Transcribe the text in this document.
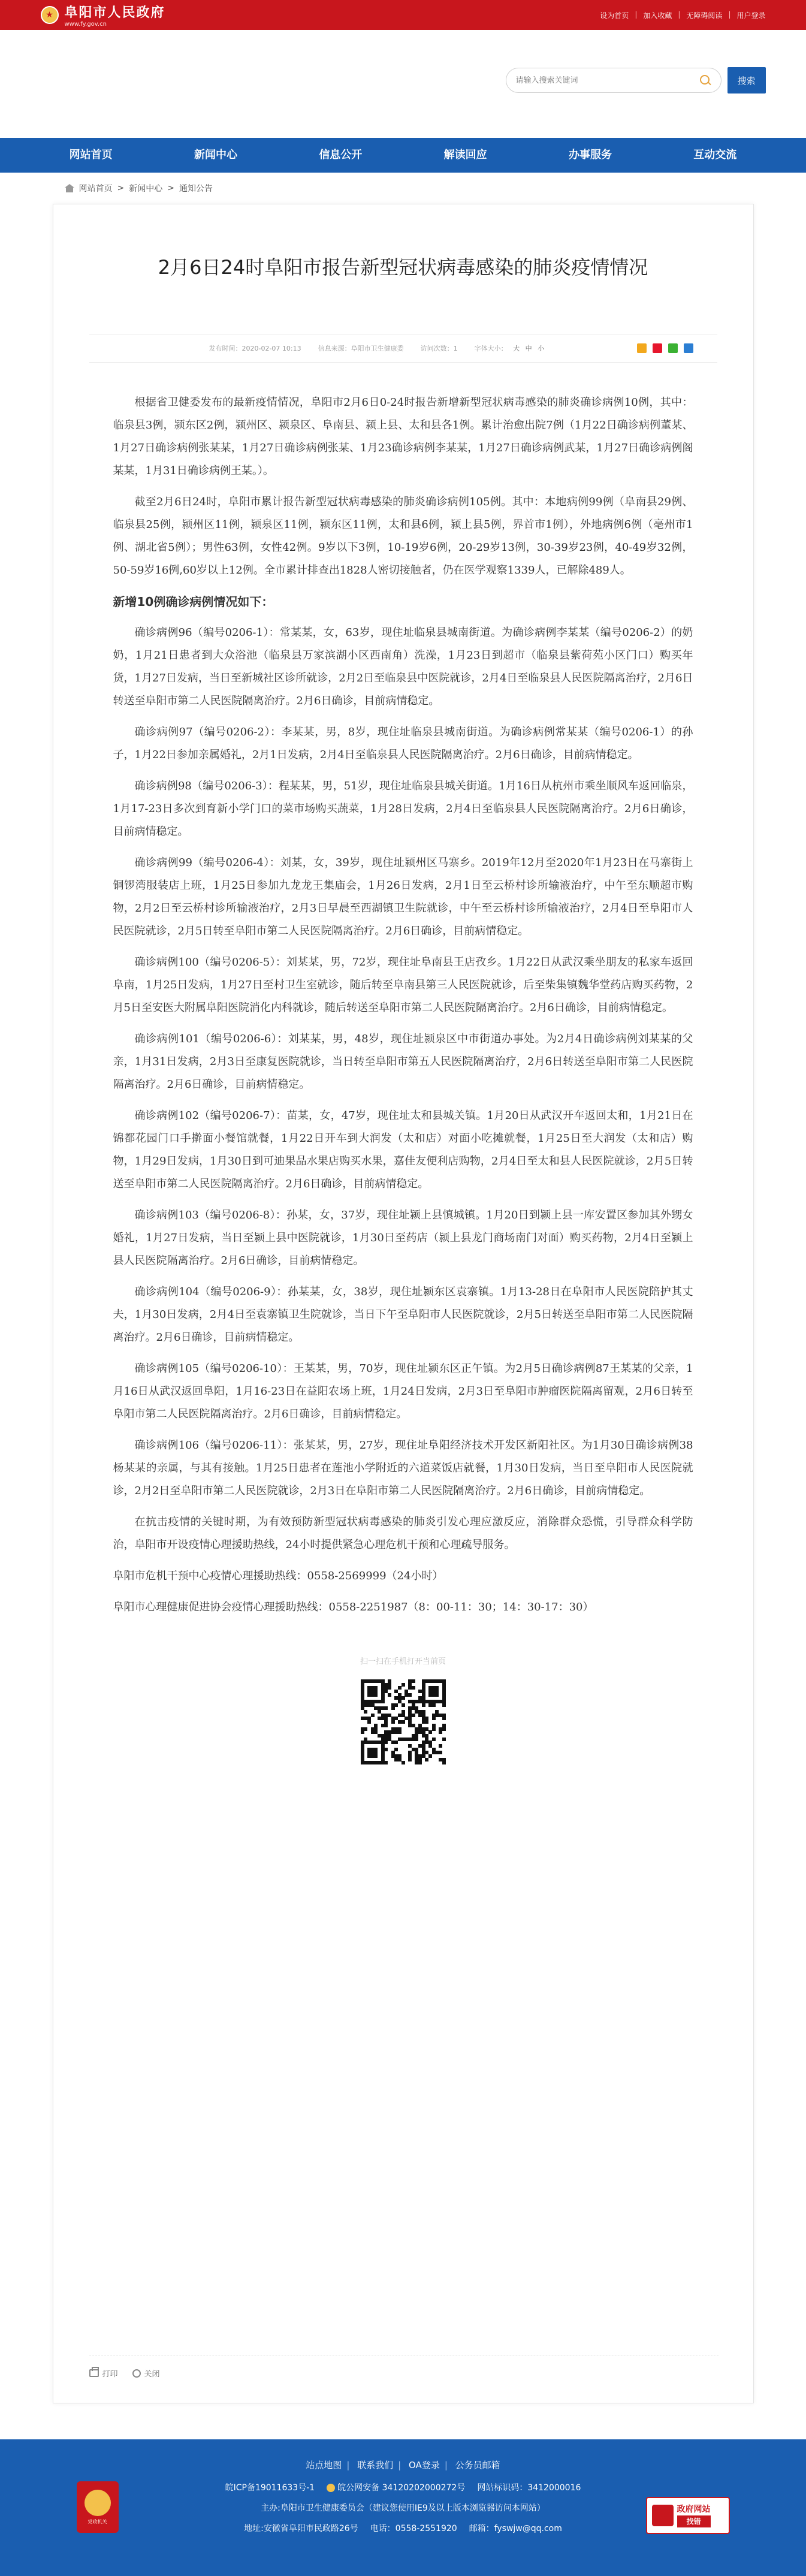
★ 阜阳市人民政府
www.fy.gov.cn
设为首页 | 加入收藏 | 无障碍阅读 | 用户登录
请输入搜索关键词
搜索
网站首页	新闻中心	信息公开	解读回应	办事服务	互动交流
网站首页 > 新闻中心 > 通知公告
2月6日24时阜阳市报告新型冠状病毒感染的肺炎疫情情况
发布时间：2020-02-07 10:13	信息来源：阜阳市卫生健康委	访问次数：1	字体大小： 大 中 小

根据省卫健委发布的最新疫情情况，阜阳市2月6日0-24时报告新增新型冠状病毒感染的肺炎确诊病例10例，其中：临泉县3例，颍东区2例，颍州区、颍泉区、阜南县、颍上县、太和县各1例。累计治愈出院7例（1月22日确诊病例董某、1月27日确诊病例张某某，1月27日确诊病例张某、1月23确诊病例李某某，1月27日确诊病例武某，1月27日确诊病例阁某某，1月31日确诊病例王某。）。

截至2月6日24时，阜阳市累计报告新型冠状病毒感染的肺炎确诊病例105例。其中：本地病例99例（阜南县29例、临泉县25例，颍州区11例，颍泉区11例，颍东区11例，太和县6例，颍上县5例，界首市1例），外地病例6例（亳州市1例、湖北省5例）；男性63例，女性42例。9岁以下3例，10-19岁6例，20-29岁13例，30-39岁23例，40-49岁32例，50-59岁16例,60岁以上12例。全市累计排查出1828人密切接触者，仍在医学观察1339人，已解除489人。

新增10例确诊病例情况如下：

确诊病例96（编号0206-1）：常某某，女，63岁，现住址临泉县城南街道。为确诊病例李某某（编号0206-2）的奶奶，1月21日患者到大众浴池（临泉县万家滨湖小区西南角）洗澡，1月23日到超市（临泉县紫荷苑小区门口）购买年货，1月27日发病，当日至新城社区诊所就诊，2月2日至临泉县中医院就诊，2月4日至临泉县人民医院隔离治疗，2月6日转送至阜阳市第二人民医院隔离治疗。2月6日确诊，目前病情稳定。

确诊病例97（编号0206-2）：李某某，男，8岁，现住址临泉县城南街道。为确诊病例常某某（编号0206-1）的孙子，1月22日参加亲属婚礼，2月1日发病，2月4日至临泉县人民医院隔离治疗。2月6日确诊，目前病情稳定。

确诊病例98（编号0206-3）：程某某，男，51岁，现住址临泉县城关街道。1月16日从杭州市乘坐顺风车返回临泉，1月17-23日多次到育新小学门口的菜市场购买蔬菜，1月28日发病，2月4日至临泉县人民医院隔离治疗。2月6日确诊，目前病情稳定。

确诊病例99（编号0206-4）：刘某，女，39岁，现住址颍州区马寨乡。2019年12月至2020年1月23日在马寨街上铜锣湾服装店上班，1月25日参加九龙龙王集庙会，1月26日发病，2月1日至云桥村诊所输液治疗，中午至东顺超市购物，2月2日至云桥村诊所输液治疗，2月3日早晨至西湖镇卫生院就诊，中午至云桥村诊所输液治疗，2月4日至阜阳市人民医院就诊，2月5日转至阜阳市第二人民医院隔离治疗。2月6日确诊，目前病情稳定。

确诊病例100（编号0206-5）：刘某某，男，72岁，现住址阜南县王店孜乡。1月22日从武汉乘坐朋友的私家车返回阜南，1月25日发病，1月27日至村卫生室就诊，随后转至阜南县第三人民医院就诊，后至柴集镇魏华堂药店购买药物，2月5日至安医大附属阜阳医院消化内科就诊，随后转送至阜阳市第二人民医院隔离治疗。2月6日确诊，目前病情稳定。

确诊病例101（编号0206-6）：刘某某，男，48岁，现住址颍泉区中市街道办事处。为2月4日确诊病例刘某某的父亲，1月31日发病，2月3日至康复医院就诊，当日转至阜阳市第五人民医院隔离治疗，2月6日转送至阜阳市第二人民医院隔离治疗。2月6日确诊，目前病情稳定。

确诊病例102（编号0206-7）：苗某，女，47岁，现住址太和县城关镇。1月20日从武汉开车返回太和，1月21日在锦都花园门口手擀面小餐馆就餐，1月22日开车到大润发（太和店）对面小吃摊就餐，1月25日至大润发（太和店）购物，1月29日发病，1月30日到可迪果品水果店购买水果，嘉佳友便利店购物，2月4日至太和县人民医院就诊，2月5日转送至阜阳市第二人民医院隔离治疗。2月6日确诊，目前病情稳定。

确诊病例103（编号0206-8）：孙某，女，37岁，现住址颍上县慎城镇。1月20日到颍上县一库安置区参加其外甥女婚礼，1月27日发病，当日至颍上县中医院就诊，1月30日至药店（颍上县龙门商场南门对面）购买药物，2月4日至颍上县人民医院隔离治疗。2月6日确诊，目前病情稳定。

确诊病例104（编号0206-9）：孙某某，女，38岁，现住址颍东区袁寨镇。1月13-28日在阜阳市人民医院陪护其丈夫，1月30日发病，2月4日至袁寨镇卫生院就诊，当日下午至阜阳市人民医院就诊，2月5日转送至阜阳市第二人民医院隔离治疗。2月6日确诊，目前病情稳定。

确诊病例105（编号0206-10）：王某某，男，70岁，现住址颍东区正午镇。为2月5日确诊病例87王某某的父亲，1月16日从武汉返回阜阳，1月16-23日在益阳农场上班，1月24日发病，2月3日至阜阳市肿瘤医院隔离留观，2月6日转至阜阳市第二人民医院隔离治疗。2月6日确诊，目前病情稳定。

确诊病例106（编号0206-11）：张某某，男，27岁，现住址阜阳经济技术开发区新阳社区。为1月30日确诊病例38杨某某的亲属，与其有接触。1月25日患者在莲池小学附近的六道菜饭店就餐，1月30日发病，当日至阜阳市人民医院就诊，2月2日至阜阳市第二人民医院就诊，2月3日在阜阳市第二人民医院隔离治疗。2月6日确诊，目前病情稳定。

在抗击疫情的关键时期，为有效预防新型冠状病毒感染的肺炎引发心理应激反应，消除群众恐慌，引导群众科学防治，阜阳市开设疫情心理援助热线，24小时提供紧急心理危机干预和心理疏导服务。

阜阳市危机干预中心疫情心理援助热线：0558-2569999（24小时）

阜阳市心理健康促进协会疫情心理援助热线：0558-2251987（8：00-11：30；14：30-17：30）

扫一扫在手机打开当前页
打印	关闭
党政机关
站点地图 | 联系我们 | OA登录 | 公务员邮箱
皖ICP备19011633号-1	皖公网安备 34120202000272号 网站标识码：3412000016
主办:阜阳市卫生健康委员会（建议您使用IE9及以上版本浏览器访问本网站）
地址:安徽省阜阳市民政路26号 电话：0558-2551920 邮箱：fyswjw@qq.com
政府网站
找错
